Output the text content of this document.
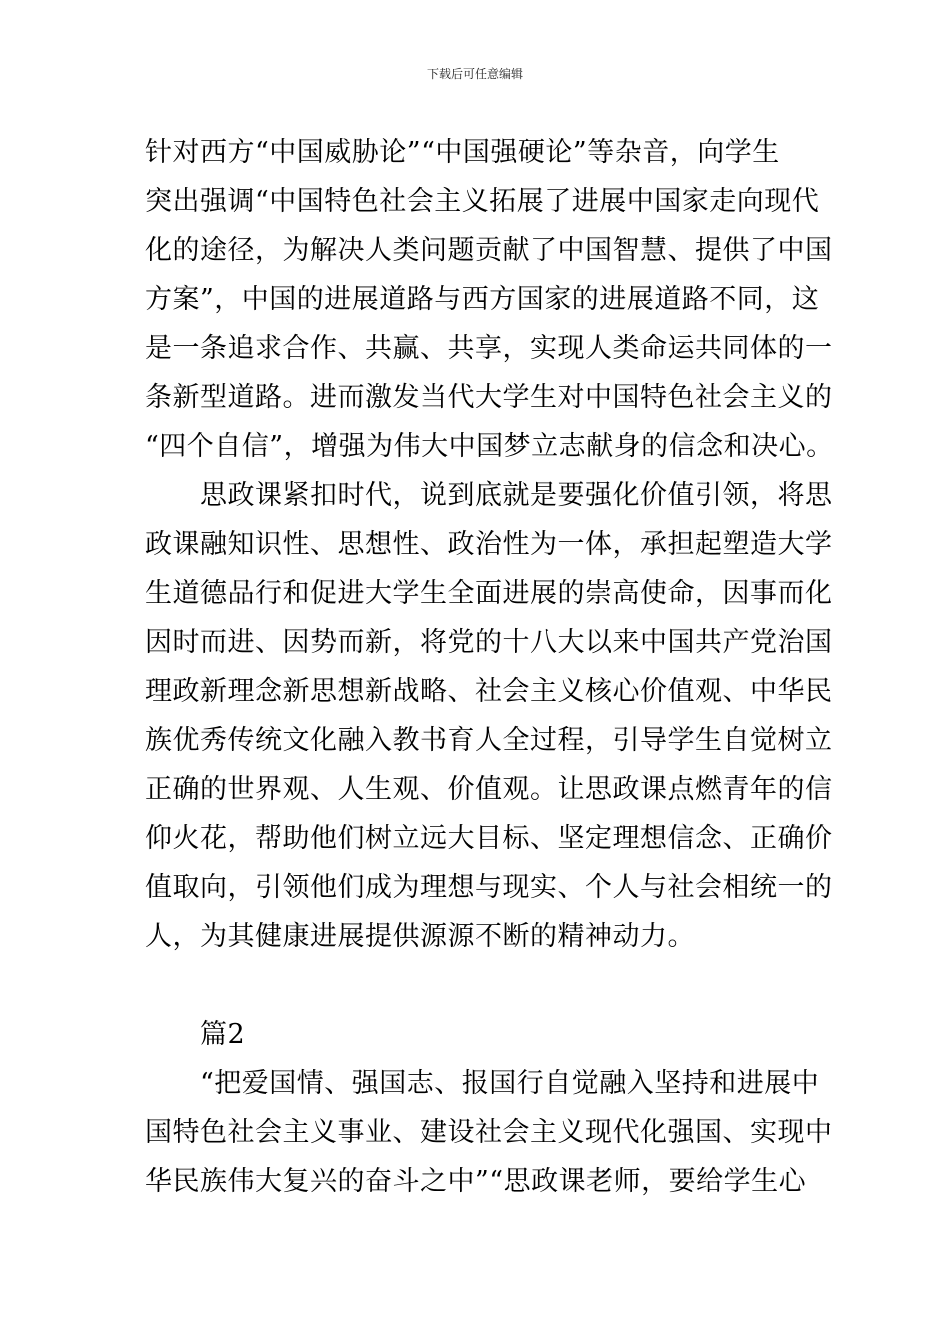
下载后可任意编辑
针对西方“中国威胁论”“中国强硬论”等杂音，向学生
突出强调“中国特色社会主义拓展了进展中国家走向现代
化的途径，为解决人类问题贡献了中国智慧、提供了中国
方案”，中国的进展道路与西方国家的进展道路不同，这
是一条追求合作、共赢、共享，实现人类命运共同体的一
条新型道路。进而激发当代大学生对中国特色社会主义的
“四个自信”，增强为伟大中国梦立志献身的信念和决心。
　　思政课紧扣时代，说到底就是要强化价值引领，将思
政课融知识性、思想性、政治性为一体，承担起塑造大学
生道德品行和促进大学生全面进展的崇高使命，因事而化
因时而进、因势而新，将党的十八大以来中国共产党治国
理政新理念新思想新战略、社会主义核心价值观、中华民
族优秀传统文化融入教书育人全过程，引导学生自觉树立
正确的世界观、人生观、价值观。让思政课点燃青年的信
仰火花，帮助他们树立远大目标、坚定理想信念、正确价
值取向，引领他们成为理想与现实、个人与社会相统一的
人，为其健康进展提供源源不断的精神动力。
　　篇2
　　“把爱国情、强国志、报国行自觉融入坚持和进展中
国特色社会主义事业、建设社会主义现代化强国、实现中
华民族伟大复兴的奋斗之中”“思政课老师，要给学生心
